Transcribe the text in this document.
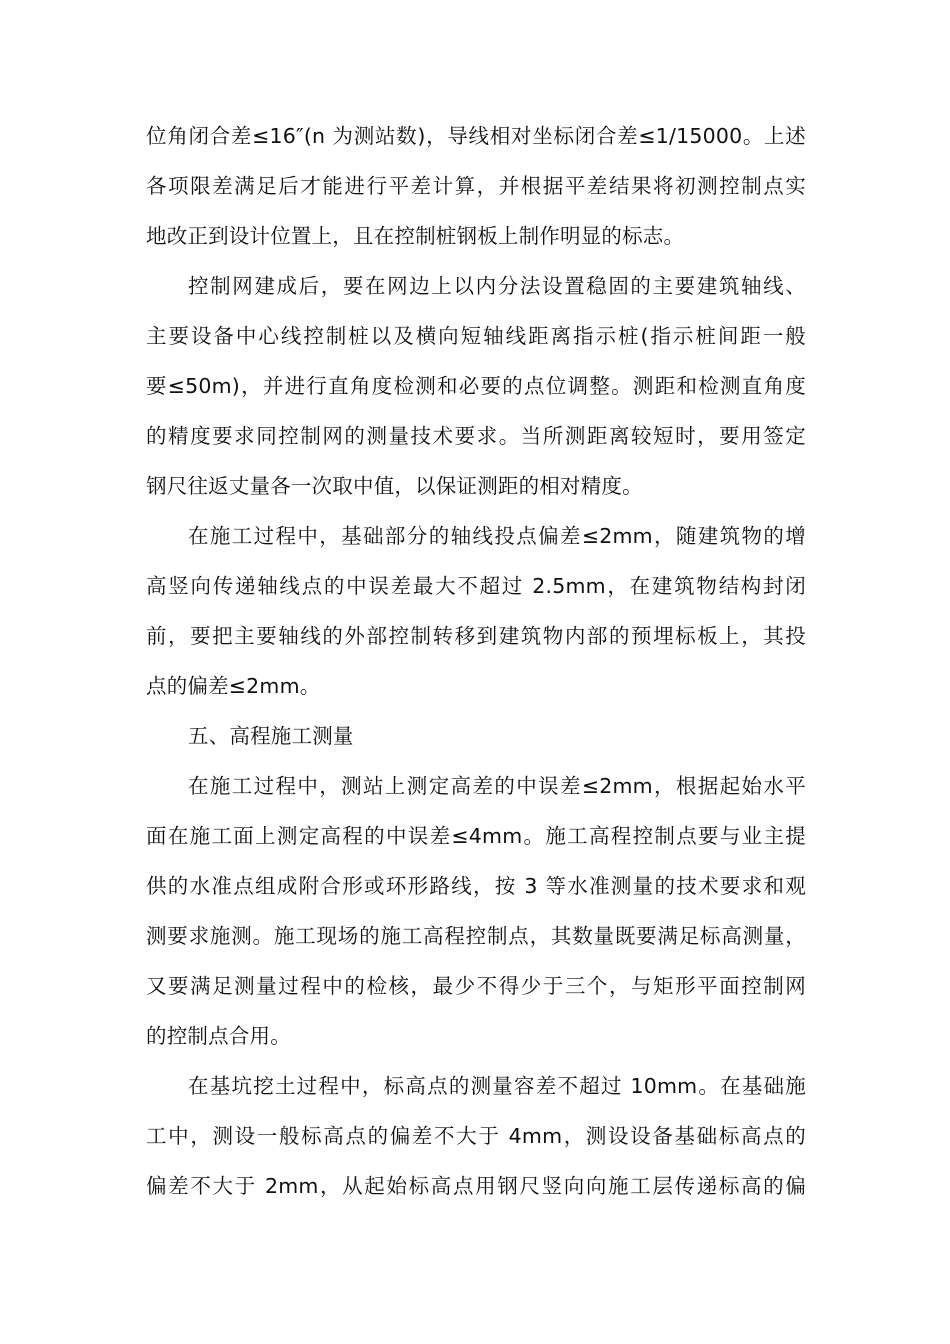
位角闭合差≤16″(n 为测站数)，导线相对坐标闭合差≤1/15000。上述
各项限差满足后才能进行平差计算，并根据平差结果将初测控制点实
地改正到设计位置上，且在控制桩钢板上制作明显的标志。
控制网建成后，要在网边上以内分法设置稳固的主要建筑轴线、
主要设备中心线控制桩以及横向短轴线距离指示桩(指示桩间距一般
要≤50m)，并进行直角度检测和必要的点位调整。测距和检测直角度
的精度要求同控制网的测量技术要求。当所测距离较短时，要用签定
钢尺往返丈量各一次取中值，以保证测距的相对精度。
在施工过程中，基础部分的轴线投点偏差≤2mm，随建筑物的增
高竖向传递轴线点的中误差最大不超过 2.5mm，在建筑物结构封闭
前，要把主要轴线的外部控制转移到建筑物内部的预埋标板上，其投
点的偏差≤2mm。
五、高程施工测量
在施工过程中，测站上测定高差的中误差≤2mm，根据起始水平
面在施工面上测定高程的中误差≤4mm。施工高程控制点要与业主提
供的水准点组成附合形或环形路线，按 3 等水准测量的技术要求和观
测要求施测。施工现场的施工高程控制点，其数量既要满足标高测量，
又要满足测量过程中的检核，最少不得少于三个，与矩形平面控制网
的控制点合用。
在基坑挖土过程中，标高点的测量容差不超过 10mm。在基础施
工中，测设一般标高点的偏差不大于 4mm，测设设备基础标高点的
偏差不大于 2mm，从起始标高点用钢尺竖向向施工层传递标高的偏
